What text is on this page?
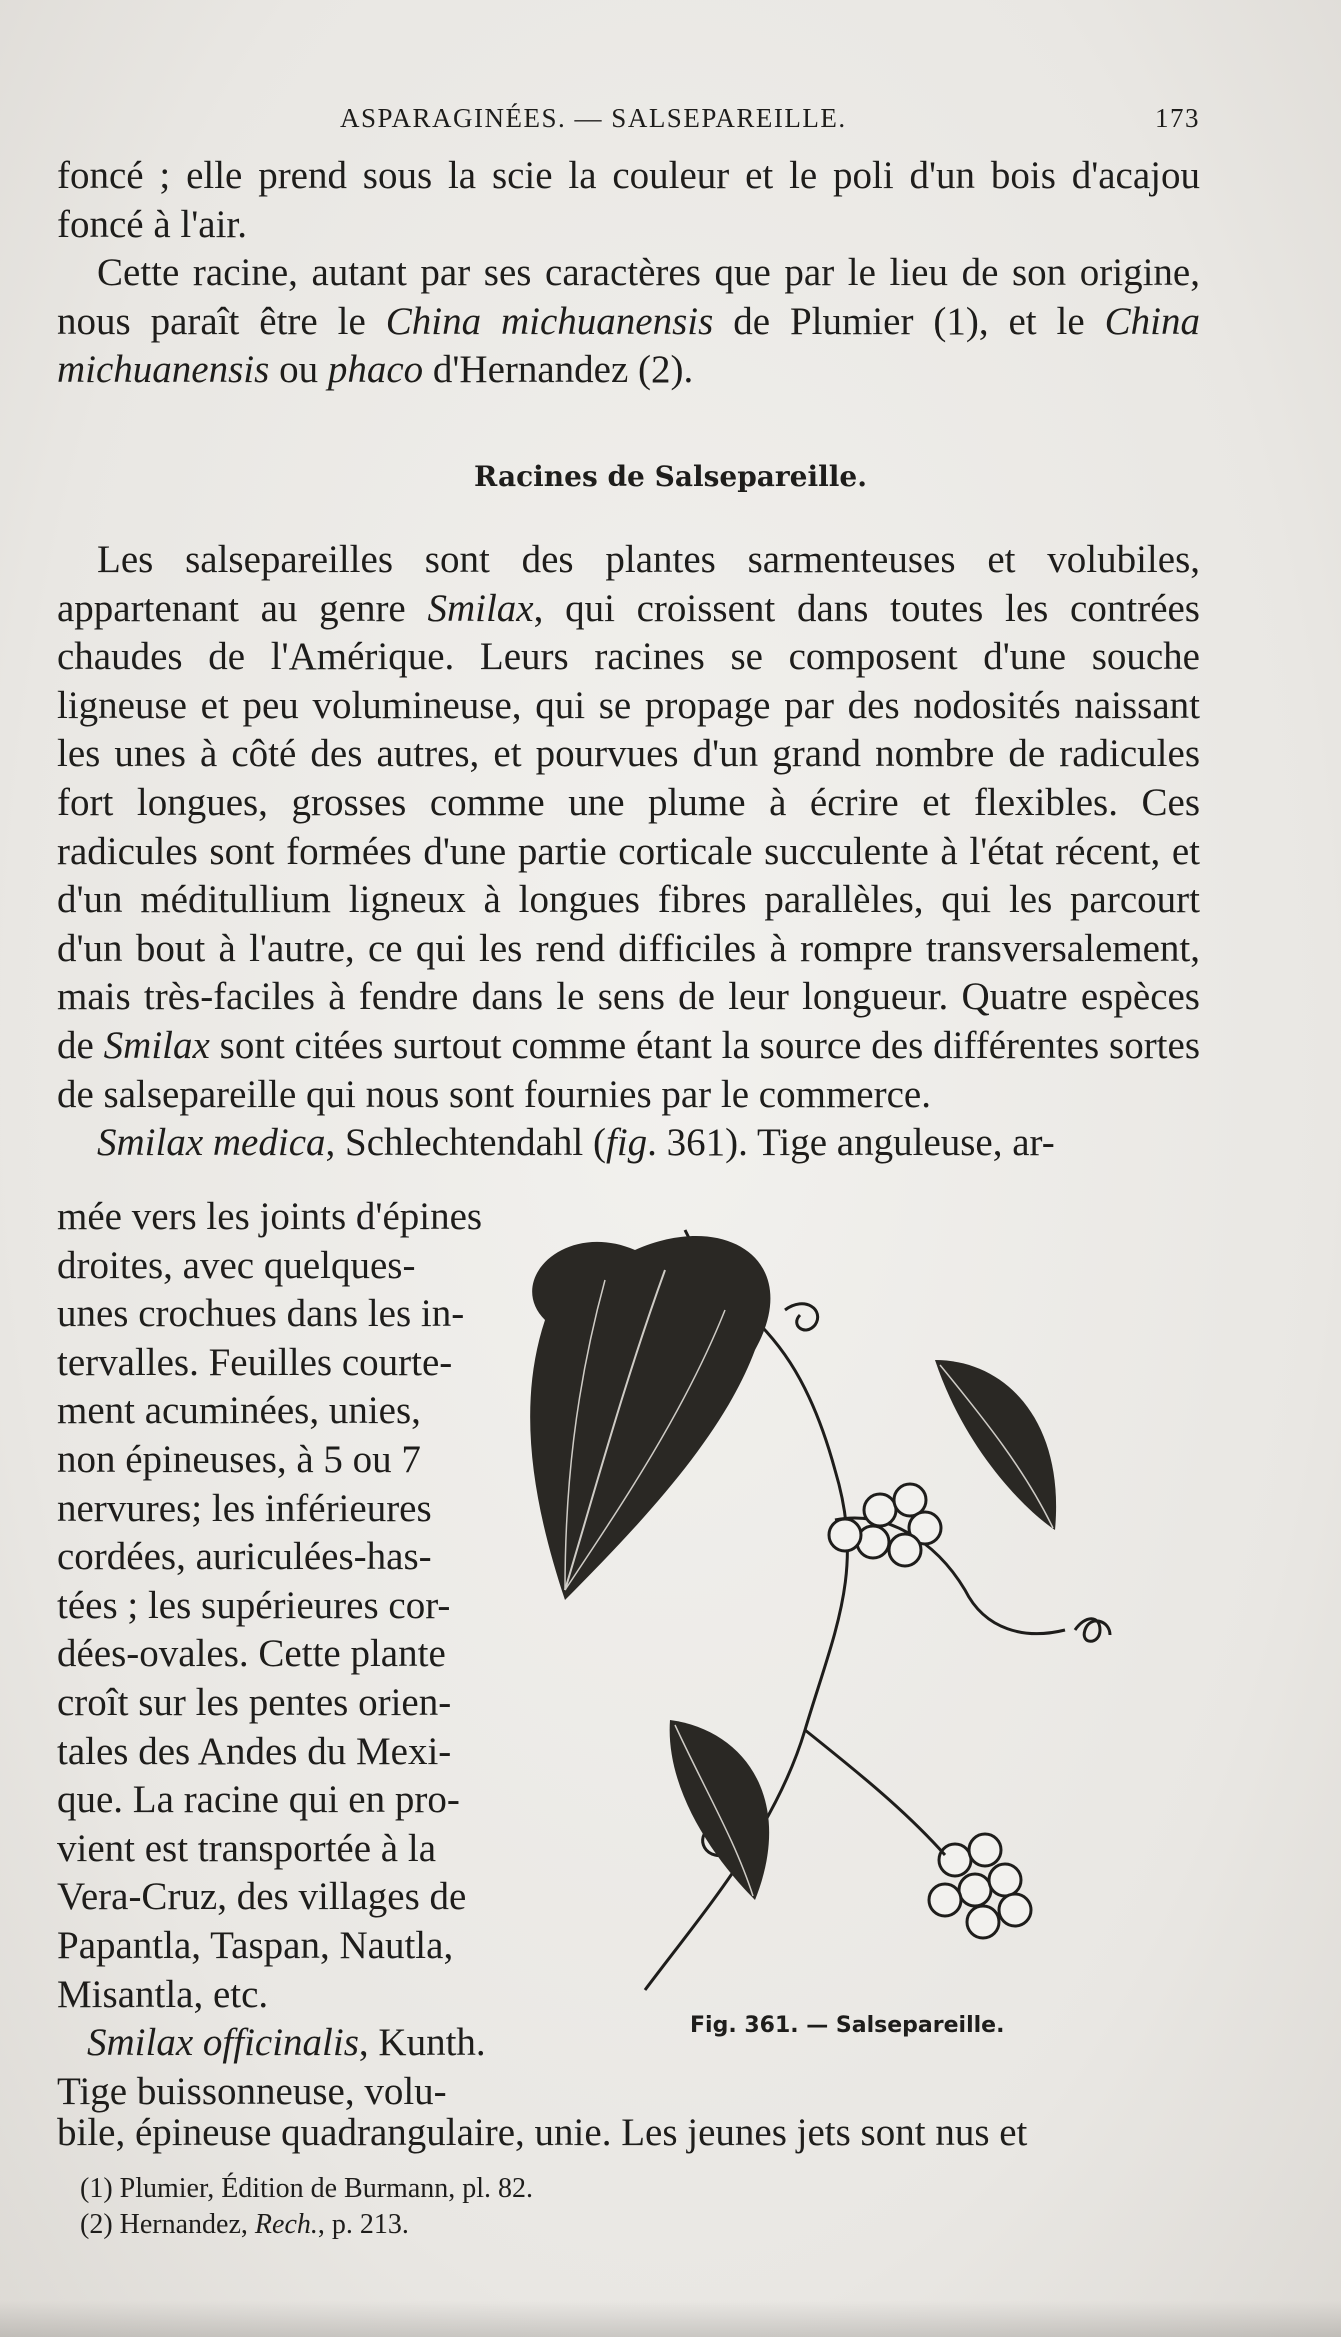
ASPARAGINÉES. — SALSEPAREILLE.	173

foncé ; elle prend sous la scie la couleur et le poli d'un bois d'acajou foncé à l'air.

Cette racine, autant par ses caractères que par le lieu de son origine, nous paraît être le China michuanensis de Plumier (1), et le China michuanensis ou phaco d'Hernandez (2).

Racines de Salsepareille.

Les salsepareilles sont des plantes sarmenteuses et volubiles, appartenant au genre Smilax, qui croissent dans toutes les contrées chaudes de l'Amérique. Leurs racines se composent d'une souche ligneuse et peu volumineuse, qui se propage par des nodosités naissant les unes à côté des autres, et pourvues d'un grand nombre de radicules fort longues, grosses comme une plume à écrire et flexibles. Ces radicules sont formées d'une partie corticale succulente à l'état récent, et d'un méditullium ligneux à longues fibres parallèles, qui les parcourt d'un bout à l'autre, ce qui les rend difficiles à rompre transversalement, mais très-faciles à fendre dans le sens de leur longueur. Quatre espèces de Smilax sont citées surtout comme étant la source des différentes sortes de salsepareille qui nous sont fournies par le commerce.

Smilax medica, Schlechtendahl (fig. 361). Tige anguleuse, ar-

mée vers les joints d'épines
droites, avec quelques-
unes crochues dans les in-
tervalles. Feuilles courte-
ment acuminées, unies,
non épineuses, à 5 ou 7
nervures; les inférieures
cordées, auriculées-has-
tées ; les supérieures cor-
dées-ovales. Cette plante
croît sur les pentes orien-
tales des Andes du Mexi-
que. La racine qui en pro-
vient est transportée à la
Vera-Cruz, des villages de
Papantla, Taspan, Nautla,
Misantla, etc.
Smilax officinalis, Kunth.
Tige buissonneuse, volu-
bile, épineuse quadrangulaire, unie. Les jeunes jets sont nus et
Fig. 361. — Salsepareille.
(1) Plumier, Édition de Burmann, pl. 82.
(2) Hernandez, Rech., p. 213.
